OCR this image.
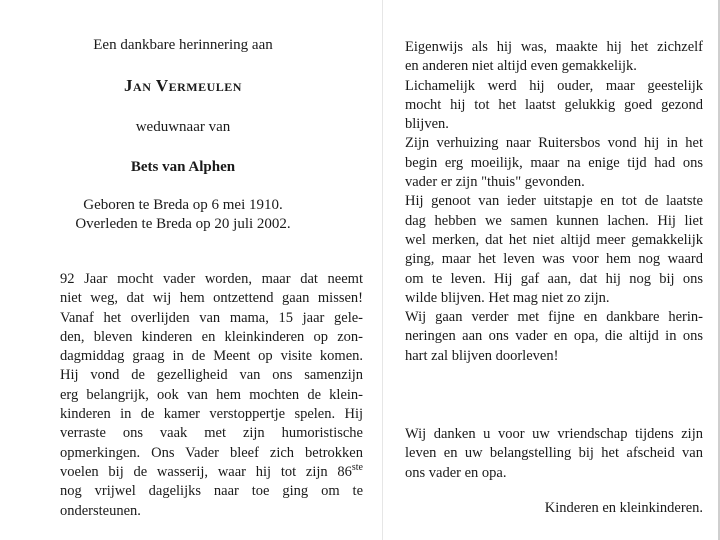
Een dankbare herinnering aan

Jan Vermeulen

weduwnaar van

Bets van Alphen

Geboren te Breda op 6 mei 1910.
Overleden te Breda op 20 juli 2002.

92 Jaar mocht vader worden, maar dat neemt
niet weg, dat wij hem ontzettend gaan missen!
Vanaf het overlijden van mama, 15 jaar gele-
den, bleven kinderen en kleinkinderen op zon-
dagmiddag graag in de Meent op visite komen.
Hij vond de gezelligheid van ons samenzijn
erg belangrijk, ook van hem mochten de klein-
kinderen in de kamer verstoppertje spelen. Hij
verraste ons vaak met zijn humoristische
opmerkingen. Ons Vader bleef zich betrokken
voelen bij de wasserij, waar hij tot zijn 86ste
nog vrijwel dagelijks naar toe ging om te
ondersteunen.

Eigenwijs als hij was, maakte hij het zichzelf
en anderen niet altijd even gemakkelijk.
Lichamelijk werd hij ouder, maar geestelijk
mocht hij tot het laatst gelukkig goed gezond
blijven.
Zijn verhuizing naar Ruitersbos vond hij in het
begin erg moeilijk, maar na enige tijd had ons
vader er zijn "thuis" gevonden.
Hij genoot van ieder uitstapje en tot de laatste
dag hebben we samen kunnen lachen. Hij liet
wel merken, dat het niet altijd meer gemakkelijk
ging, maar het leven was voor hem nog waard
om te leven. Hij gaf aan, dat hij nog bij ons
wilde blijven. Het mag niet zo zijn.
Wij gaan verder met fijne en dankbare herin-
neringen aan ons vader en opa, die altijd in ons
hart zal blijven doorleven!

Wij danken u voor uw vriendschap tijdens zijn
leven en uw belangstelling bij het afscheid van
ons vader en opa.

Kinderen en kleinkinderen.
